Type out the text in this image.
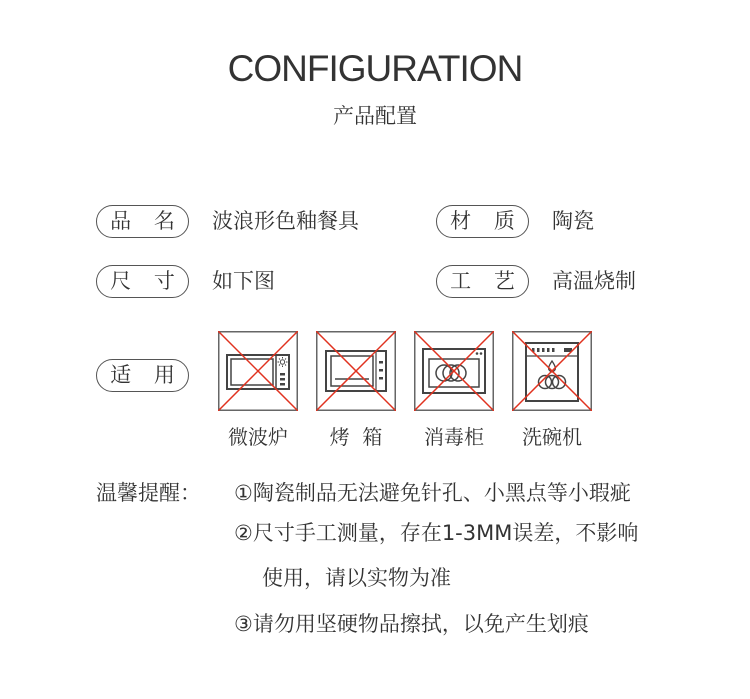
CONFIGURATION
产品配置
品 名 波浪形色釉餐具	材 质 陶瓷
尺 寸 如下图	工 艺 高温烧制
适 用
微波炉	烤  箱	消毒柜	洗碗机
温馨提醒： ①陶瓷制品无法避免针孔、小黑点等小瑕疵
②尺寸手工测量，存在1-3MM误差，不影响
使用，请以实物为准
③请勿用坚硬物品擦拭，以免产生划痕
